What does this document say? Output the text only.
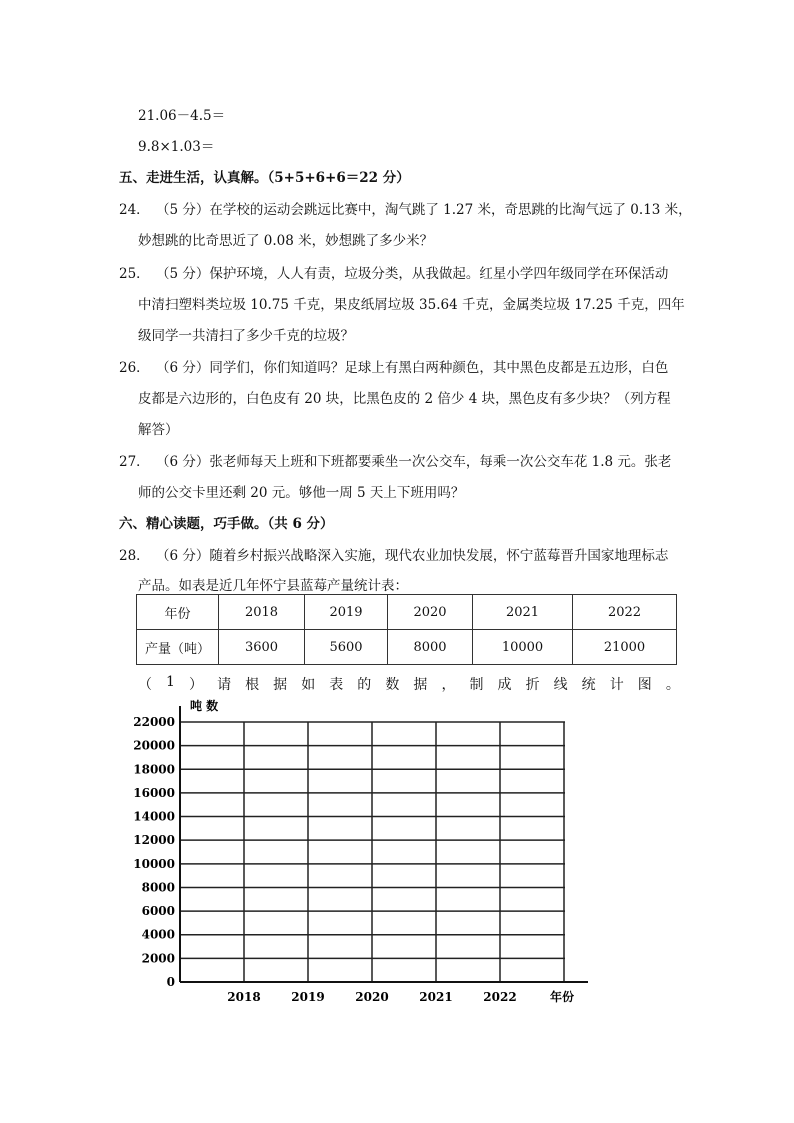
21.06－4.5＝
9.8×1.03＝
五、走进生活，认真解。（5+5+6+6＝22 分）
24． （5 分）在学校的运动会跳远比赛中，淘气跳了 1.27 米，奇思跳的比淘气远了 0.13 米，
妙想跳的比奇思近了 0.08 米，妙想跳了多少米？
25． （5 分）保护环境，人人有责，垃圾分类，从我做起。红星小学四年级同学在环保活动
中清扫塑料类垃圾 10.75 千克，果皮纸屑垃圾 35.64 千克，金属类垃圾 17.25 千克，四年
级同学一共清扫了多少千克的垃圾？
26． （6 分）同学们，你们知道吗？足球上有黑白两种颜色，其中黑色皮都是五边形，白色
皮都是六边形的，白色皮有 20 块，比黑色皮的 2 倍少 4 块，黑色皮有多少块？（列方程
解答）
27． （6 分）张老师每天上班和下班都要乘坐一次公交车，每乘一次公交车花 1.8 元。张老
师的公交卡里还剩 20 元。够他一周 5 天上下班用吗？
六、精心读题，巧手做。（共 6 分）
28． （6 分）随着乡村振兴战略深入实施，现代农业加快发展，怀宁蓝莓晋升国家地理标志
产品。如表是近几年怀宁县蓝莓产量统计表：
年份	2018	2019	2020	2021	2022
产量（吨）	3600	5600	8000	10000	21000
（ 1 ） 请 根 据 如 表 的 数 据 ， 制 成 折 线 统 计 图 。
22000
20000
18000
16000
14000
12000
10000
8000
6000
4000
2000
0
2018	2019	2020	2021	2022
吨 数
年份
